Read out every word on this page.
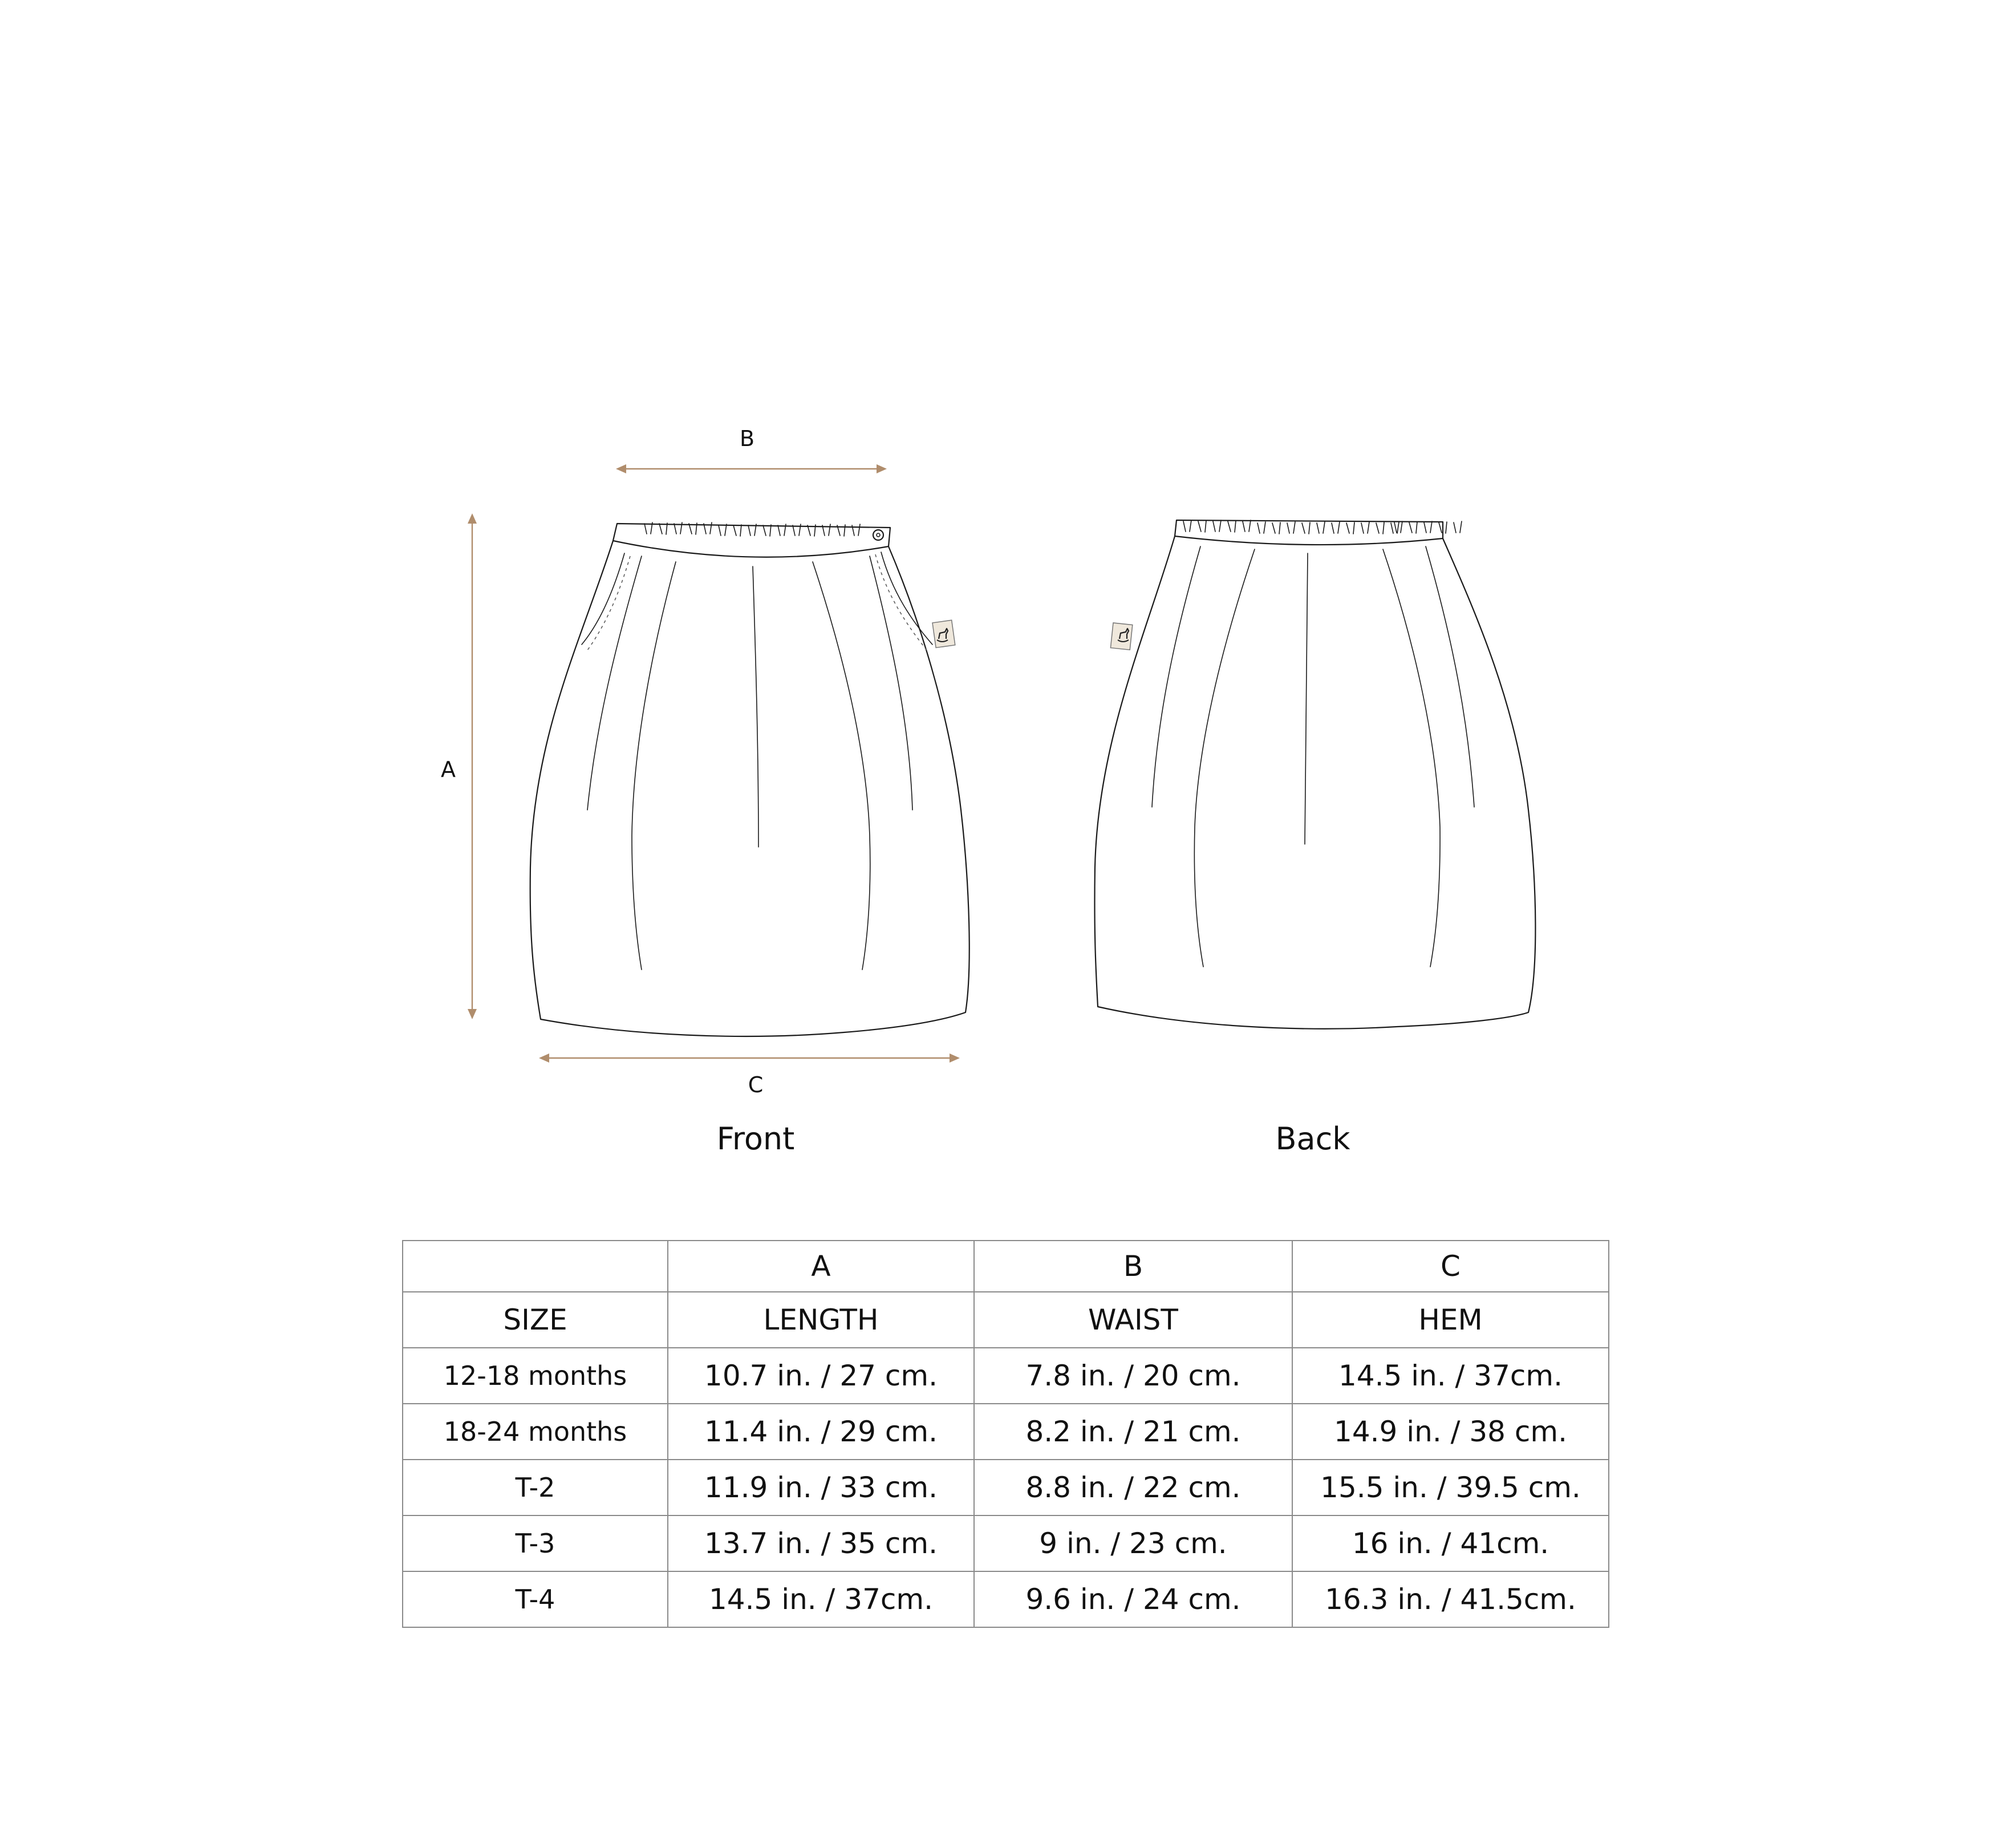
B
A
C
Front	Back
	A	B	C
SIZE	LENGTH	WAIST	HEM
12-18 months	10.7 in. / 27 cm.	7.8 in. / 20 cm.	14.5 in. / 37cm.
18-24 months	11.4 in. / 29 cm.	8.2 in. / 21 cm.	14.9 in. / 38 cm.
T-2	11.9 in. / 33 cm.	8.8 in. / 22 cm.	15.5 in. / 39.5 cm.
T-3	13.7 in. / 35 cm.	9 in. / 23 cm.	16 in. / 41cm.
T-4	14.5 in. / 37cm.	9.6 in. / 24 cm.	16.3 in. / 41.5cm.
